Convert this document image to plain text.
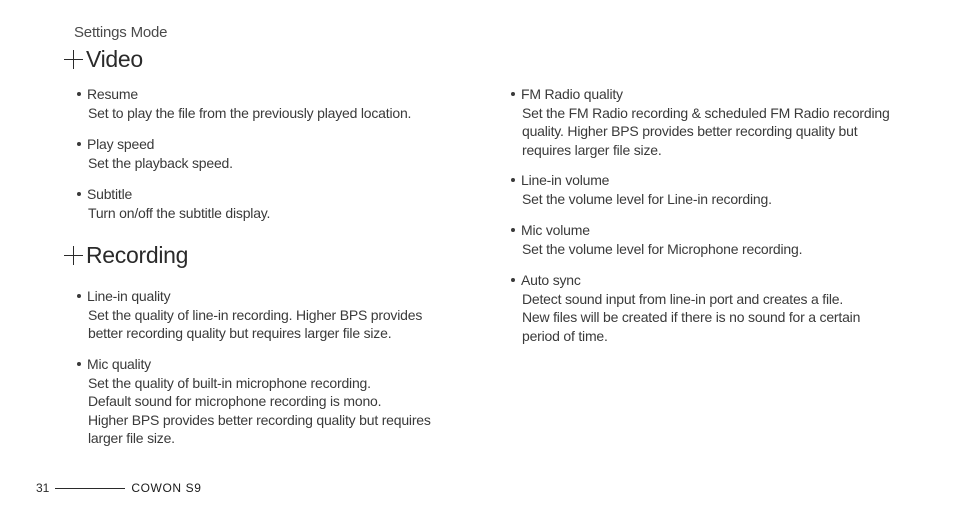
Settings Mode
Video
Resume
Set to play the file from the previously played location.
Play speed
Set the playback speed.
Subtitle
Turn on/off the subtitle display.
Recording
Line-in quality
Set the quality of line-in recording. Higher BPS provides
better recording quality but requires larger file size.
Mic quality
Set the quality of built-in microphone recording.
Default sound for microphone recording is mono.
Higher BPS provides better recording quality but requires
larger file size.
FM Radio quality
Set the FM Radio recording & scheduled FM Radio recording
quality. Higher BPS provides better recording quality but
requires larger file size.
Line-in volume
Set the volume level for Line-in recording.
Mic volume
Set the volume level for Microphone recording.
Auto sync
Detect sound input from line-in port and creates a file.
New files will be created if there is no sound for a certain
period of time.
31	COWON S9
